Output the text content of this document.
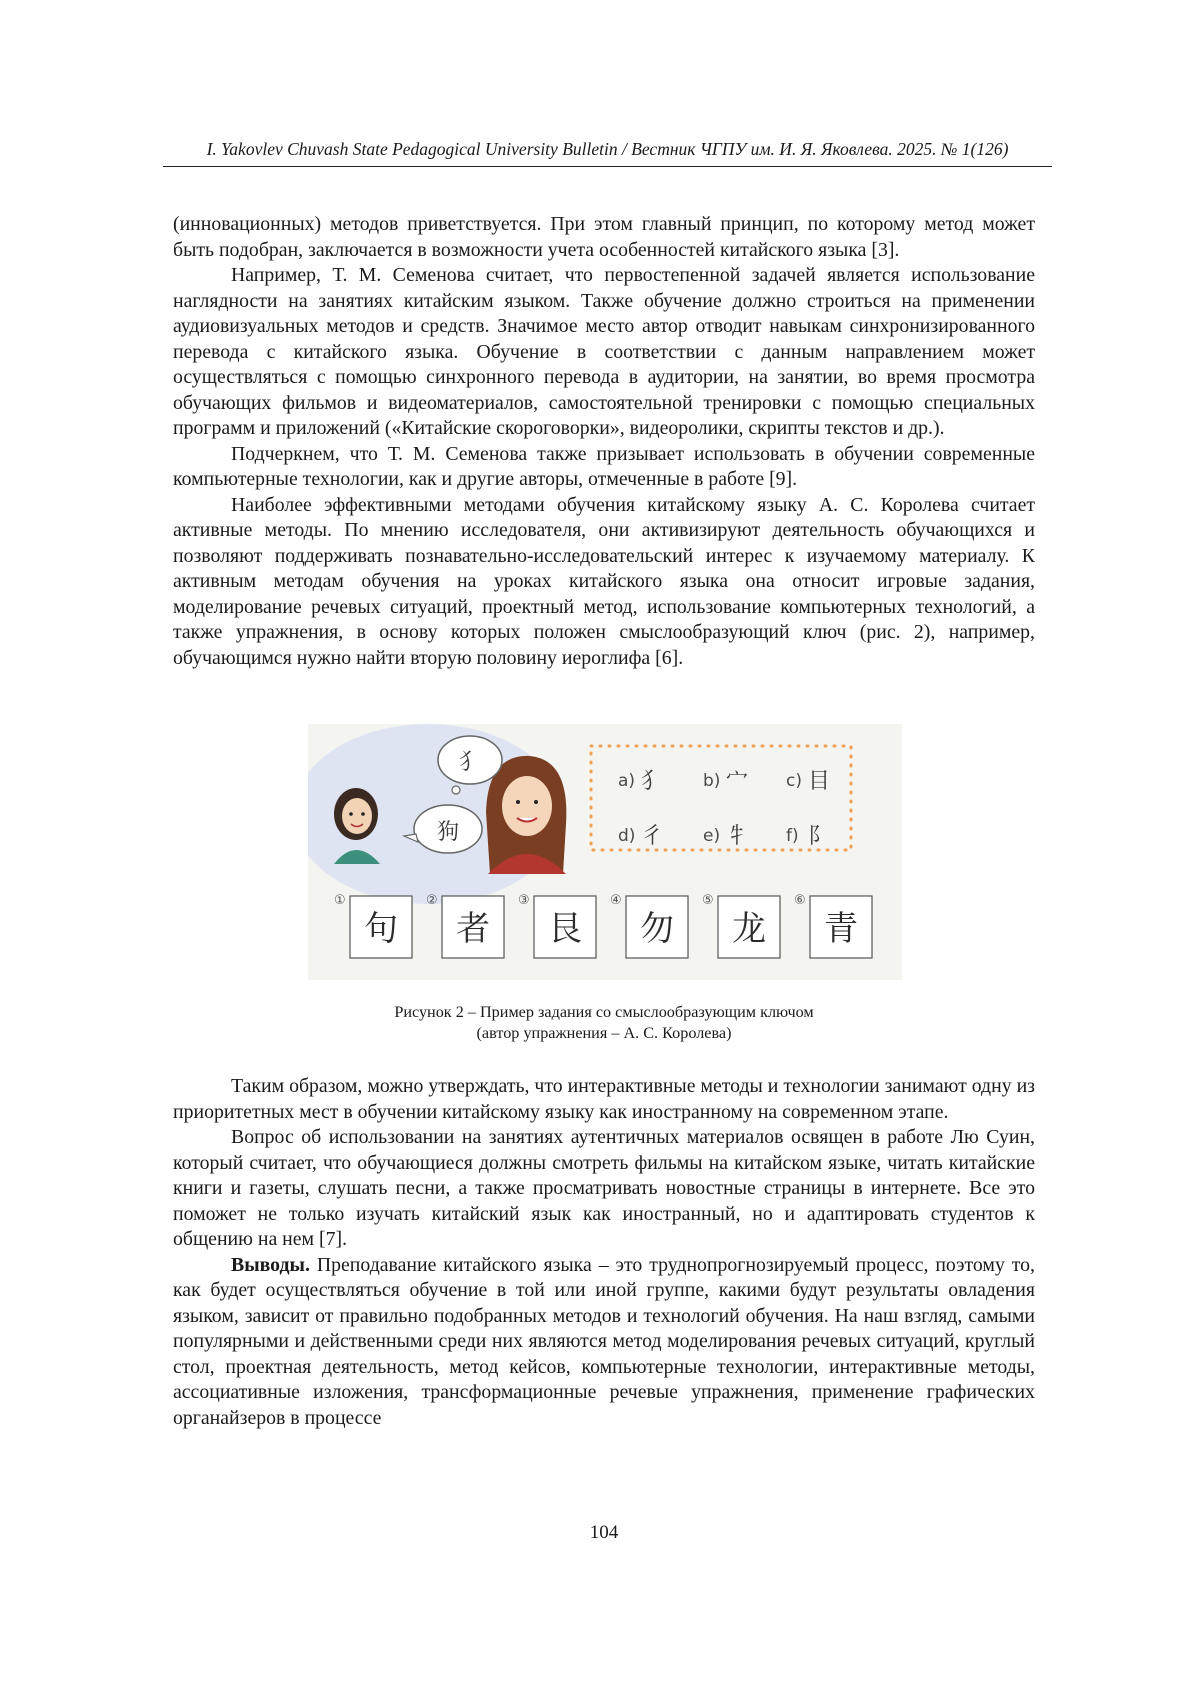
I. Yakovlev Chuvash State Pedagogical University Bulletin / Вестник ЧГПУ им. И. Я. Яковлева. 2025. № 1(126)

(инновационных) методов приветствуется. При этом главный принцип, по которому метод может быть подобран, заключается в возможности учета особенностей китайского языка [3].

Например, Т. М. Семенова считает, что первостепенной задачей является использование наглядности на занятиях китайским языком. Также обучение должно строиться на применении аудиовизуальных методов и средств. Значимое место автор отводит навыкам синхронизированного перевода с китайского языка. Обучение в соответствии с данным направлением может осуществляться с помощью синхронного перевода в аудитории, на занятии, во время просмотра обучающих фильмов и видеоматериалов, самостоятельной тренировки с помощью специальных программ и приложений («Китайские скороговорки», видеоролики, скрипты текстов и др.).

Подчеркнем, что Т. М. Семенова также призывает использовать в обучении современные компьютерные технологии, как и другие авторы, отмеченные в работе [9].

Наиболее эффективными методами обучения китайскому языку А. С. Королева считает активные методы. По мнению исследователя, они активизируют деятельность обучающихся и позволяют поддерживать познавательно-исследовательский интерес к изучаемому материалу. К активным методам обучения на уроках китайского языка она относит игровые задания, моделирование речевых ситуаций, проектный метод, использование компьютерных технологий, а также упражнения, в основу которых положен смыслообразующий ключ (рис. 2), например, обучающимся нужно найти вторую половину иероглифа [6].

犭
狗
a) 犭 b) 宀 c) 目
d) 彳 e) 牜 f) 阝
①
句
②
者
③
艮
④
勿
⑤
龙
⑥
青
Рисунок 2 – Пример задания со смыслообразующим ключом
(автор упражнения – А. С. Королева)

Таким образом, можно утверждать, что интерактивные методы и технологии занимают одну из приоритетных мест в обучении китайскому языку как иностранному на современном этапе.

Вопрос об использовании на занятиях аутентичных материалов освящен в работе Лю Суин, который считает, что обучающиеся должны смотреть фильмы на китайском языке, читать китайские книги и газеты, слушать песни, а также просматривать новостные страницы в интернете. Все это поможет не только изучать китайский язык как иностранный, но и адаптировать студентов к общению на нем [7].

Выводы. Преподавание китайского языка – это труднопрогнозируемый процесс, поэтому то, как будет осуществляться обучение в той или иной группе, какими будут результаты овладения языком, зависит от правильно подобранных методов и технологий обучения. На наш взгляд, самыми популярными и действенными среди них являются метод моделирования речевых ситуаций, круглый стол, проектная деятельность, метод кейсов, компьютерные технологии, интерактивные методы, ассоциативные изложения, трансформационные речевые упражнения, применение графических органайзеров в процессе

104
